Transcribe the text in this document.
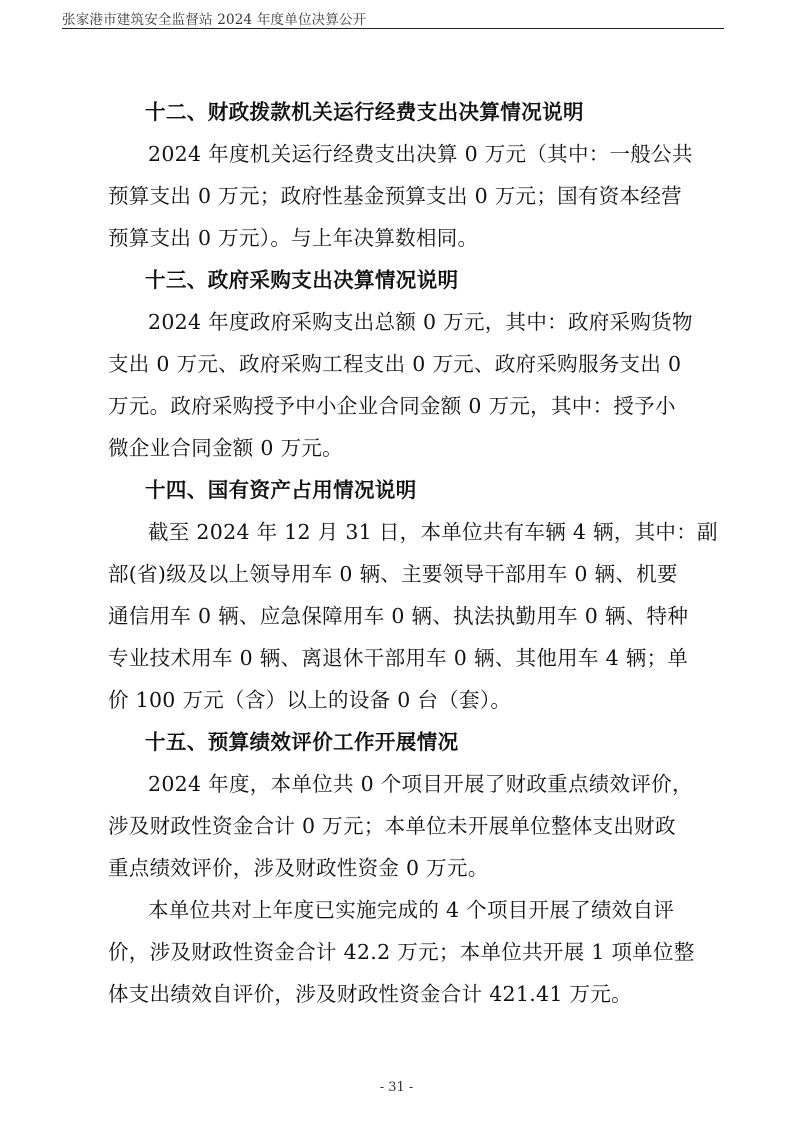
张家港市建筑安全监督站 2024 年度单位决算公开
十二、财政拨款机关运行经费支出决算情况说明
2024 年度机关运行经费支出决算 0 万元（其中：一般公共
预算支出 0 万元；政府性基金预算支出 0 万元；国有资本经营
预算支出 0 万元）。与上年决算数相同。
十三、政府采购支出决算情况说明
2024 年度政府采购支出总额 0 万元，其中：政府采购货物
支出 0 万元、政府采购工程支出 0 万元、政府采购服务支出 0
万元。政府采购授予中小企业合同金额 0 万元，其中：授予小
微企业合同金额 0 万元。
十四、国有资产占用情况说明
截至 2024 年 12 月 31 日，本单位共有车辆 4 辆，其中：副
部(省)级及以上领导用车 0 辆、主要领导干部用车 0 辆、机要
通信用车 0 辆、应急保障用车 0 辆、执法执勤用车 0 辆、特种
专业技术用车 0 辆、离退休干部用车 0 辆、其他用车 4 辆；单
价 100 万元（含）以上的设备 0 台（套）。
十五、预算绩效评价工作开展情况
2024 年度，本单位共 0 个项目开展了财政重点绩效评价，
涉及财政性资金合计 0 万元；本单位未开展单位整体支出财政
重点绩效评价，涉及财政性资金 0 万元。
本单位共对上年度已实施完成的 4 个项目开展了绩效自评
价，涉及财政性资金合计 42.2 万元；本单位共开展 1 项单位整
体支出绩效自评价，涉及财政性资金合计 421.41 万元。
- 31 -
